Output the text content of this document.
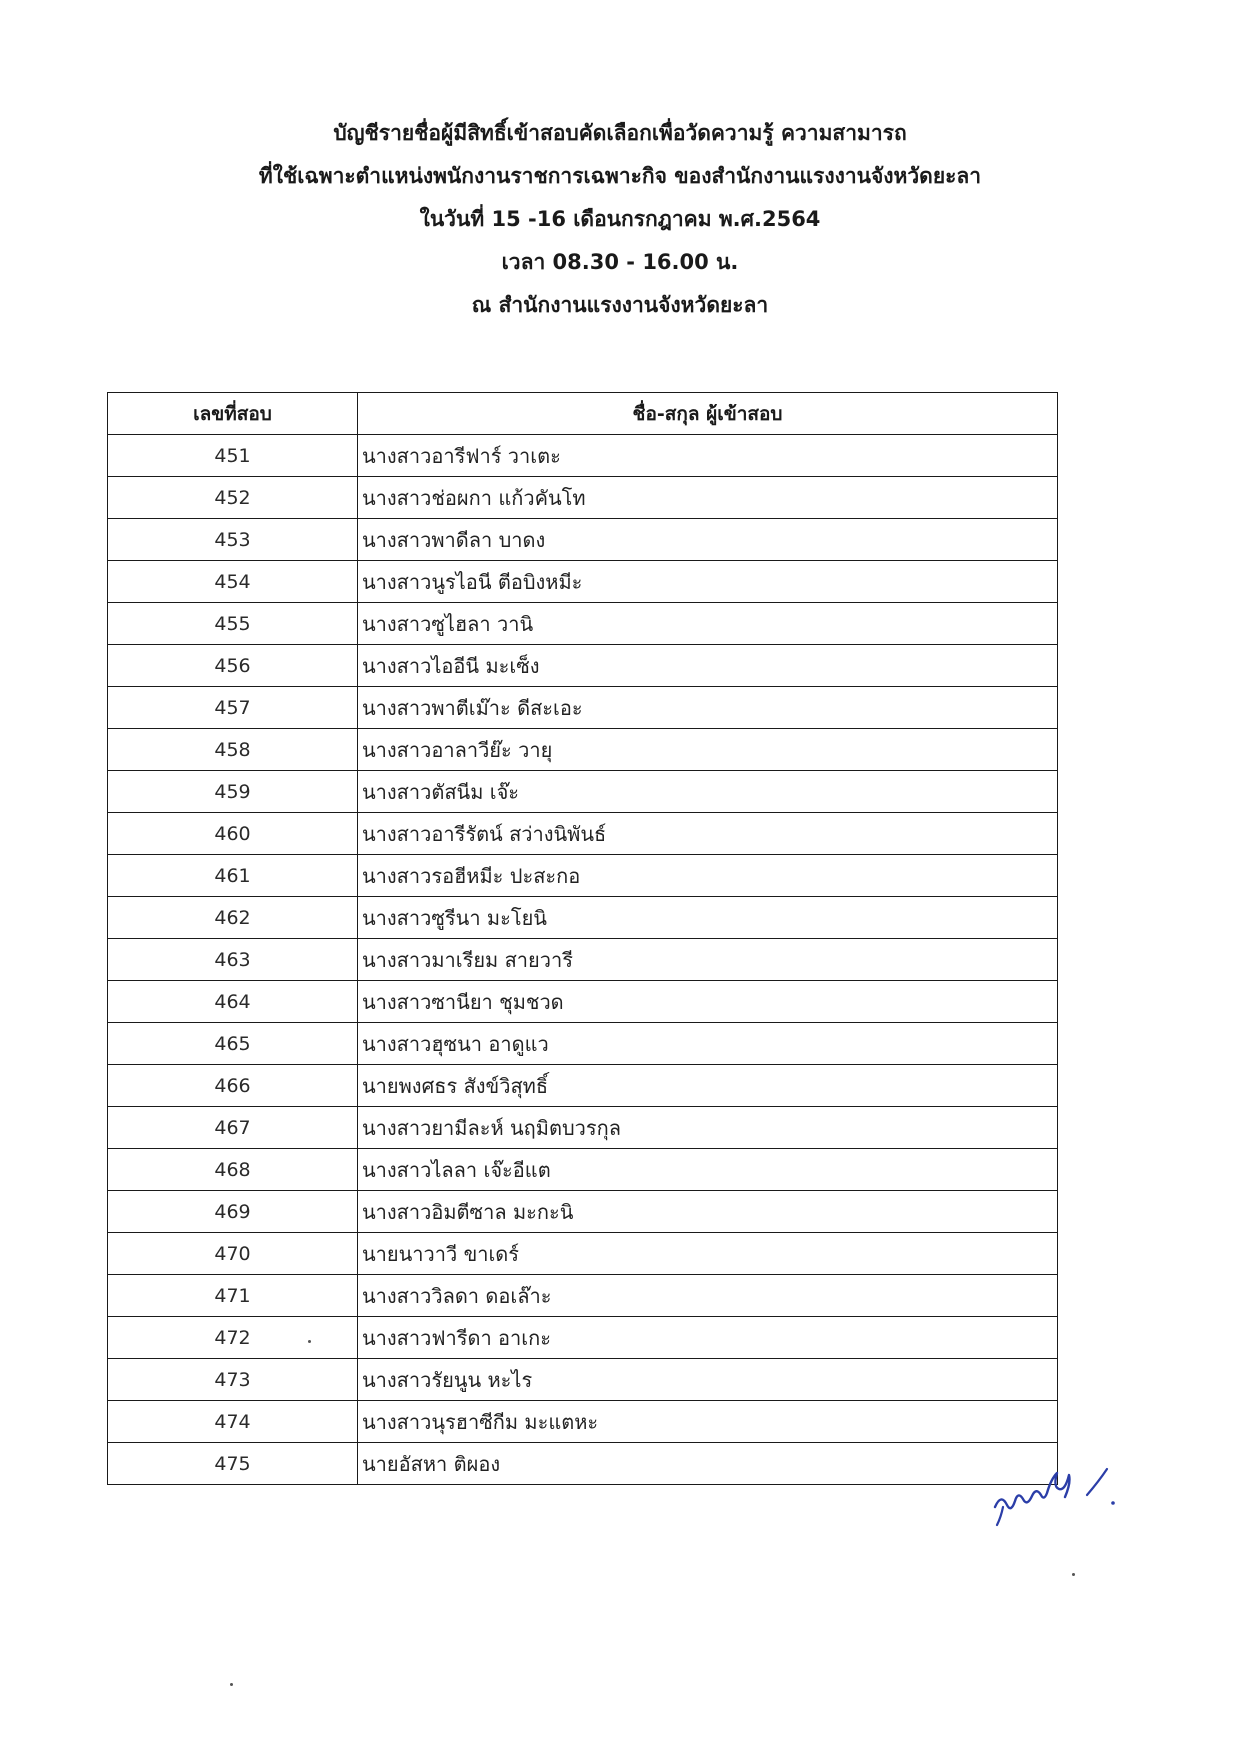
บัญชีรายชื่อผู้มีสิทธิ์เข้าสอบคัดเลือกเพื่อวัดความรู้ ความสามารถ
ที่ใช้เฉพาะตำแหน่งพนักงานราชการเฉพาะกิจ ของสำนักงานแรงงานจังหวัดยะลา
ในวันที่ 15 -16 เดือนกรกฎาคม พ.ศ.2564
เวลา 08.30 - 16.00 น.
ณ สำนักงานแรงงานจังหวัดยะลา
เลขที่สอบ	ชื่อ-สกุล ผู้เข้าสอบ
451	นางสาวอารีฟาร์ วาเตะ
452	นางสาวช่อผกา แก้วคันโท
453	นางสาวพาดีลา บาดง
454	นางสาวนูรไอนี ตีอบิงหมีะ
455	นางสาวซูไฮลา วานิ
456	นางสาวไออีนี มะเซ็ง
457	นางสาวพาตีเม๊าะ ดีสะเอะ
458	นางสาวอาลาวีย๊ะ วายุ
459	นางสาวตัสนีม เจ๊ะ
460	นางสาวอารีรัตน์ สว่างนิพันธ์
461	นางสาวรอฮีหมีะ ปะสะกอ
462	นางสาวซูรีนา มะโยนิ
463	นางสาวมาเรียม สายวารี
464	นางสาวซานียา ชุมชวด
465	นางสาวฮุซนา อาดูแว
466	นายพงศธร สังข์วิสุทธิ์
467	นางสาวยามีละห์ นฤมิตบวรกุล
468	นางสาวไลลา เจ๊ะอีแต
469	นางสาวอิมตีซาล มะกะนิ
470	นายนาวาวี ขาเดร์
471	นางสาววิลดา ดอเล๊าะ
472	นางสาวฟารีดา อาเกะ
473	นางสาวรัยนูน หะไร
474	นางสาวนุรฮาซีกีม มะแตหะ
475	นายอัสหา ติผอง
